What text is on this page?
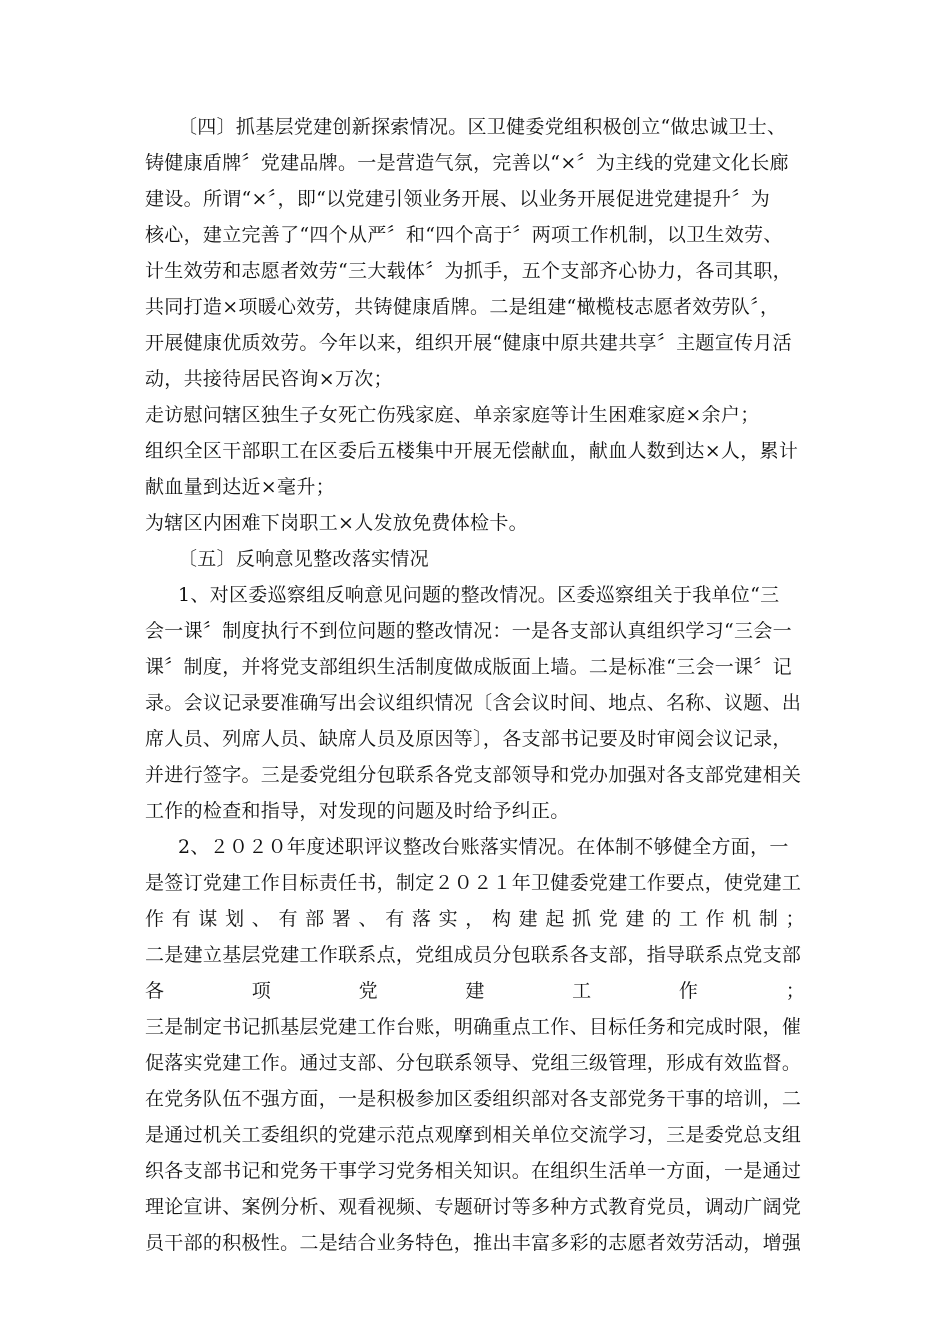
〔四〕抓基层党建创新探索情况。区卫健委党组积极创立“做忠诚卫士、
铸健康盾牌〞党建品牌。一是营造气氛，完善以“×〞为主线的党建文化长廊
建设。所谓“×〞，即“以党建引领业务开展、以业务开展促进党建提升〞为
核心，建立完善了“四个从严〞和“四个高于〞两项工作机制，以卫生效劳、
计生效劳和志愿者效劳“三大载体〞为抓手，五个支部齐心协力，各司其职，
共同打造×项暖心效劳，共铸健康盾牌。二是组建“橄榄枝志愿者效劳队〞，
开展健康优质效劳。今年以来，组织开展“健康中原共建共享〞主题宣传月活
动，共接待居民咨询×万次；
走访慰问辖区独生子女死亡伤残家庭、单亲家庭等计生困难家庭×余户；
组织全区干部职工在区委后五楼集中开展无偿献血，献血人数到达×人，累计
献血量到达近×毫升；
为辖区内困难下岗职工×人发放免费体检卡。
〔五〕反响意见整改落实情况
1、对区委巡察组反响意见问题的整改情况。区委巡察组关于我单位“三
会一课〞制度执行不到位问题的整改情况：一是各支部认真组织学习“三会一
课〞制度，并将党支部组织生活制度做成版面上墙。二是标准“三会一课〞记
录。会议记录要准确写出会议组织情况〔含会议时间、地点、名称、议题、出
席人员、列席人员、缺席人员及原因等〕，各支部书记要及时审阅会议记录，
并进行签字。三是委党组分包联系各党支部领导和党办加强对各支部党建相关
工作的检查和指导，对发现的问题及时给予纠正。
2、２０２０年度述职评议整改台账落实情况。在体制不够健全方面，一
是签订党建工作目标责任书，制定２０２１年卫健委党建工作要点，使党建工
作 有 谋 划 、 有 部 署 、 有 落 实 ， 构 建 起 抓 党 建 的 工 作 机 制 ；
二是建立基层党建工作联系点，党组成员分包联系各支部，指导联系点党支部
各	项	党	建	工	作	；
三是制定书记抓基层党建工作台账，明确重点工作、目标任务和完成时限，催
促落实党建工作。通过支部、分包联系领导、党组三级管理，形成有效监督。
在党务队伍不强方面，一是积极参加区委组织部对各支部党务干事的培训，二
是通过机关工委组织的党建示范点观摩到相关单位交流学习，三是委党总支组
织各支部书记和党务干事学习党务相关知识。在组织生活单一方面，一是通过
理论宣讲、案例分析、观看视频、专题研讨等多种方式教育党员，调动广阔党
员干部的积极性。二是结合业务特色，推出丰富多彩的志愿者效劳活动，增强
